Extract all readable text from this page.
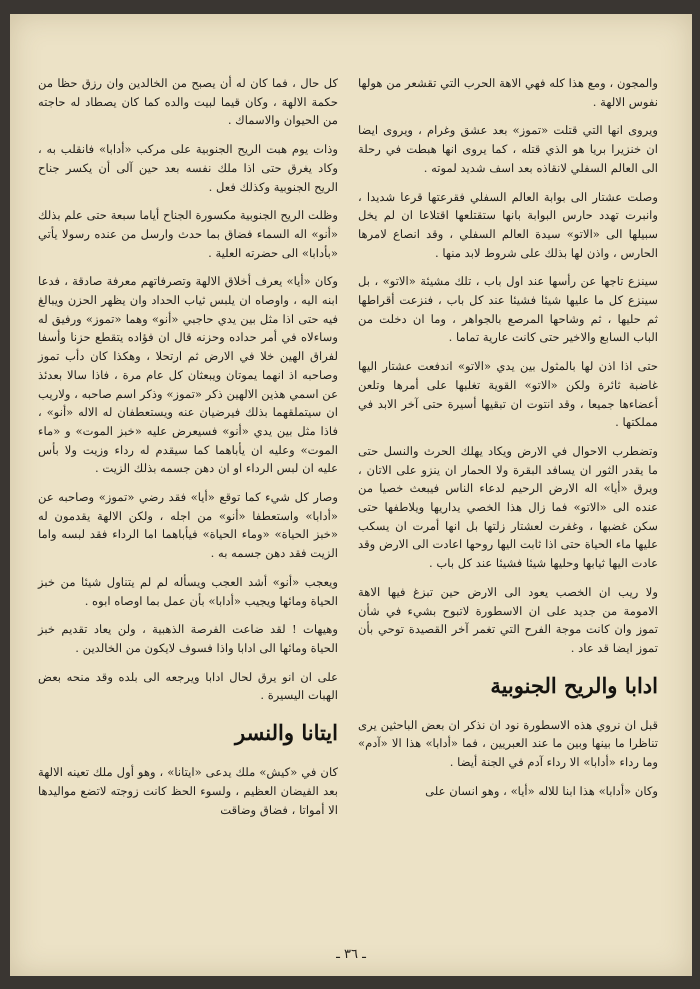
والمجون ، ومع هذا كله فهي الاهة الحرب التي تقشعر من هولها نفوس الالهة .

ويروى انها التي قتلت «تموز» بعد عشق وغرام ، ويروى ايضا ان خنزيرا بريا هو الذي قتله ، كما يروى انها هبطت في رحلة الى العالم السفلي لانقاذه بعد اسف شديد لموته .

وصلت عشتار الى بوابة العالم السفلي فقرعتها قرعا شديدا ، وانبرت تهدد حارس البوابة بانها ستقتلعها اقتلاعا ان لم يخل سبيلها الى «الاتو» سيدة العالم السفلي ، وقد انصاع لامرها الحارس ، واذن لها بذلك على شروط لابد منها .

سينزع تاجها عن رأسها عند اول باب ، تلك مشيئة «الاتو» ، بل سينزع كل ما عليها شيئا فشيئا عند كل باب ، فنزعت أقراطها ثم حليها ، ثم وشاحها المرصع بالجواهر ، وما ان دخلت من الباب السابع والاخير حتى كانت عارية تماما .

حتى اذا اذن لها بالمثول بين يدي «الاتو» اندفعت عشتار اليها غاضبة ثائرة ولكن «الاتو» القوية تغلبها على أمرها وتلعن أعضاءها جميعا ، وقد انتوت ان تبقيها أسيرة حتى آخر الابد في مملكتها .

وتضطرب الاحوال في الارض ويكاد يهلك الحرث والنسل حتى ما يقدر الثور ان يسافد البقرة ولا الحمار ان ينزو على الاتان ، ويرق «أيا» اله الارض الرحيم لدعاء الناس فيبعث خصيا من عنده الى «الاتو» فما زال هذا الخصي يداريها ويلاطفها حتى سكن غضبها ، وغفرت لعشتار زلتها بل انها أمرت ان يسكب عليها ماء الحياة حتى اذا ثابت اليها روحها اعادت الى الارض وقد عادت اليها ثيابها وحليها شيئا فشيئا عند كل باب .

ولا ريب ان الخصب يعود الى الارض حين تبزغ فيها الاهة الامومة من جديد على ان الاسطورة لاتبوح بشيء في شأن تموز وان كانت موجة الفرح التي تغمر آخر القصيدة توحي بأن تموز ايضا قد عاد .

ادابا والريح الجنوبية

قبل ان نروي هذه الاسطورة نود ان نذكر ان بعض الباحثين يرى تناظرا ما بينها وبين ما عند العبريين ، فما «أدابا» هذا الا «آدم» وما رداء «أدابا» الا رداء آدم في الجنة أيضا .

وكان «أدابا» هذا ابنا للاله «أيا» ، وهو انسان على

كل حال ، فما كان له أن يصبح من الخالدين وان رزق حظا من حكمة الالهة ، وكان قيما لبيت والده كما كان يصطاد له حاجته من الحيوان والاسماك .

وذات يوم هبت الريح الجنوبية على مركب «أدابا» فانقلب به ، وكاد يغرق حتى اذا ملك نفسه بعد حين آلى أن يكسر جناح الريح الجنوبية وكذلك فعل .

وظلت الريح الجنوبية مكسورة الجناح أياما سبعة حتى علم بذلك «أنو» اله السماء فضاق بما حدث وارسل من عنده رسولا يأتي «بأدابا» الى حضرته العلية .

وكان «أيا» يعرف أخلاق الالهة وتصرفاتهم معرفة صادقة ، فدعا ابنه اليه ، واوصاه ان يلبس ثياب الحداد وان يظهر الحزن ويبالغ فيه حتى اذا مثل بين يدي حاجبي «أنو» وهما «تموز» ورفيق له وساءلاه في أمر حداده وحزنه قال ان فؤاده يتقطع حزنا وأسفا لفراق الهين خلا في الارض ثم ارتحلا ، وهكذا كان دأب تموز وصاحبه اذ انهما يموتان ويبعثان كل عام مرة ، فاذا سالا بعدئذ عن اسمي هذين الالهين ذكر «تموز» وذكر اسم صاحبه ، ولاريب ان سيتملقهما بذلك فيرضيان عنه ويستعطفان له الاله «أنو» ، فاذا مثل بين يدي «أنو» فسيعرض عليه «خبز الموت» و «ماء الموت» وعليه ان يأباهما كما سيقدم له رداء وزيت ولا بأس عليه ان لبس الرداء او ان دهن جسمه بذلك الزيت .

وصار كل شيء كما توقع «أيا» فقد رضي «تموز» وصاحبه عن «أدابا» واستعطفا «أنو» من اجله ، ولكن الالهة يقدمون له «خبز الحياة» «وماء الحياة» فيأباهما اما الرداء فقد لبسه واما الزيت فقد دهن جسمه به .

ويعجب «أنو» أشد العجب ويسأله لم لم يتناول شيئا من خبز الحياة ومائها ويجيب «أدابا» بأن عمل بما اوصاه ابوه .

وهيهات ! لقد ضاعت الفرصة الذهبية ، ولن يعاد تقديم خبز الحياة ومائها الى ادابا واذا فسوف لايكون من الخالدين .

على ان انو يرق لحال ادابا ويرجعه الى بلده وقد منحه بعض الهبات اليسيرة .

ايتانا والنسر

كان في «كيش» ملك يدعى «ايتانا» ، وهو أول ملك تعينه الالهة بعد الفيضان العظيم ، ولسوء الحظ كانت زوجته لاتضع مواليدها الا أمواتا ، فضاق وضاقت

ـ ٣٦ ـ
